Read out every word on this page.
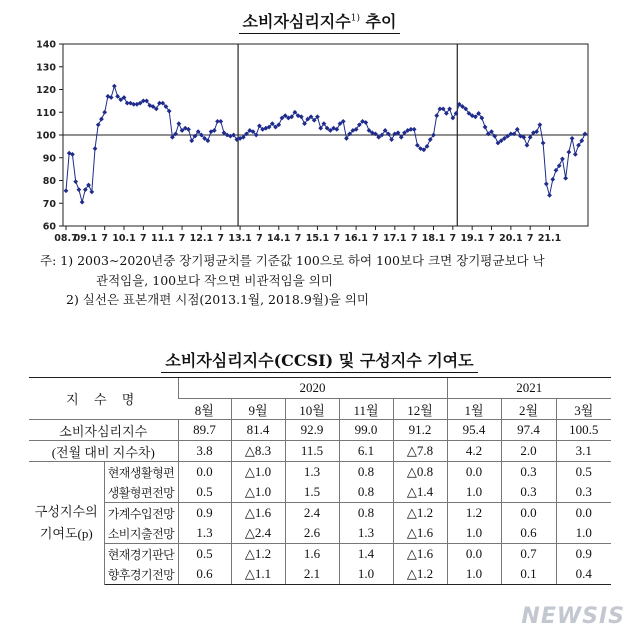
소비자심리지수$^{1)}$ 추이
60
70
80
90
100
110
120
130
140
08.7
09.1 7 10.1 7 11.1 7 12.1 7 13.1 7 14.1 7 15.1 7 16.1 7 17.1 7 18.1 7 19.1 7 20.1 7 21.1
주: 1) 2003∼2020년중 장기평균치를 기준값 100으로 하여 100보다 크면 장기평균보다 낙
관적임을, 100보다 작으면 비관적임을 의미
2) 실선은 표본개편 시점(2013.1월, 2018.9월)을 의미
소비자심리지수(CCSI) 및 구성지수 기여도
지 수 명		2020					2021		
		8월	9월	10월	11월	12월	1월	2월	3월
소비자심리지수		89.7	81.4	92.9	99.0	91.2	95.4	97.4	100.5
(전월 대비 지수차)		3.8	△8.3	11.5	6.1	△7.8	4.2	2.0	3.1
구성지수의
기여도(p)	현재생활형편	0.0	△1.0	1.3	0.8	△0.8	0.0	0.3	0.5
	생활형편전망	0.5	△1.0	1.5	0.8	△1.4	1.0	0.3	0.3
	가계수입전망	0.9	△1.6	2.4	0.8	△1.2	1.2	0.0	0.0
	소비지출전망	1.3	△2.4	2.6	1.3	△1.6	1.0	0.6	1.0
	현재경기판단	0.5	△1.2	1.6	1.4	△1.6	0.0	0.7	0.9
	향후경기전망	0.6	△1.1	2.1	1.0	△1.2	1.0	0.1	0.4
NEWSIS
